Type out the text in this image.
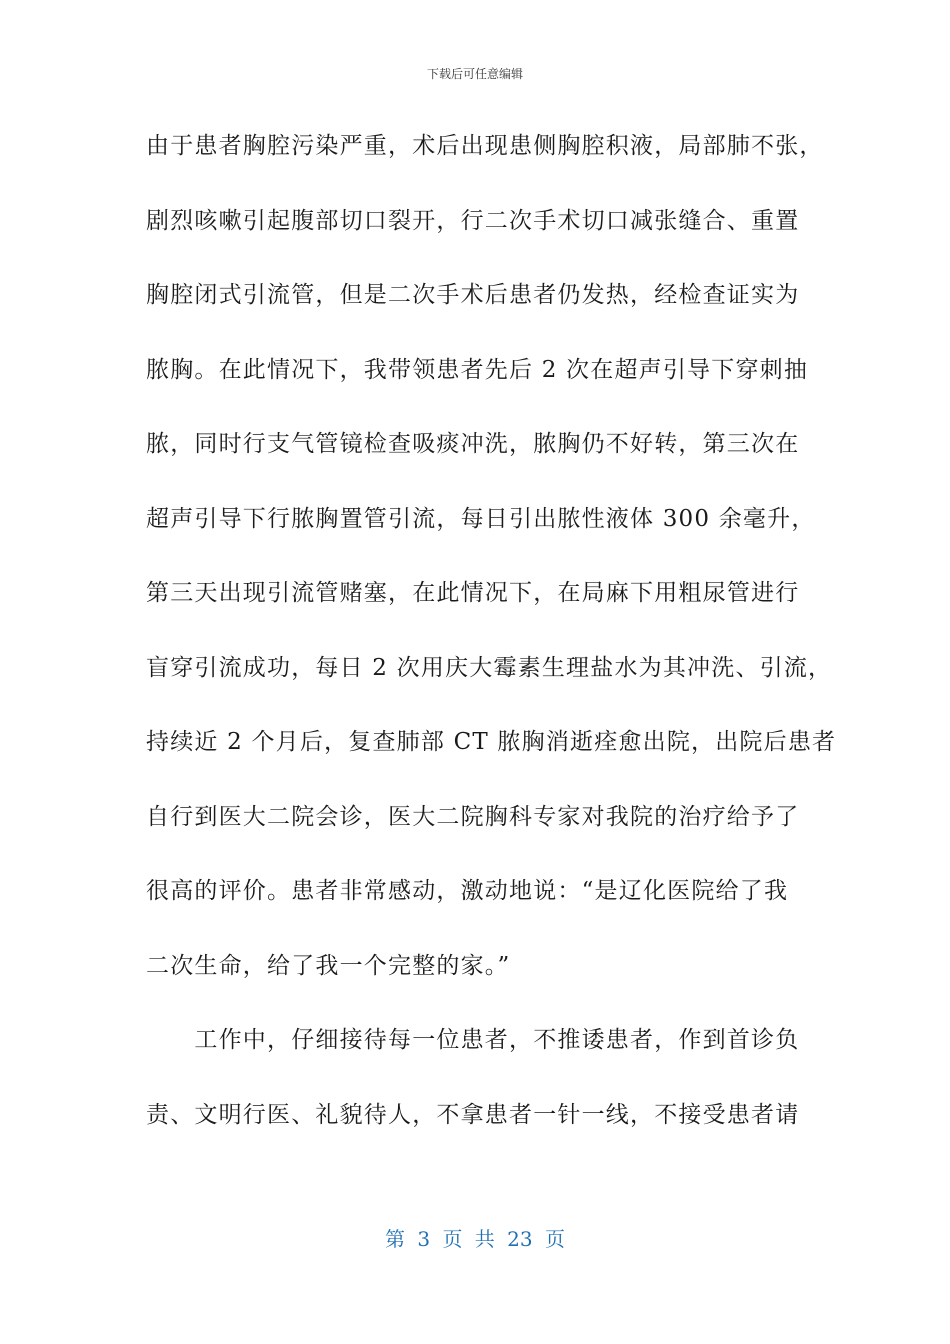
下载后可任意编辑
由于患者胸腔污染严重，术后出现患侧胸腔积液，局部肺不张，
剧烈咳嗽引起腹部切口裂开，行二次手术切口减张缝合、重置
胸腔闭式引流管，但是二次手术后患者仍发热，经检查证实为
脓胸。在此情况下，我带领患者先后 2 次在超声引导下穿刺抽
脓，同时行支气管镜检查吸痰冲洗，脓胸仍不好转，第三次在
超声引导下行脓胸置管引流，每日引出脓性液体 300 余毫升，
第三天出现引流管赌塞，在此情况下，在局麻下用粗尿管进行
盲穿引流成功，每日 2 次用庆大霉素生理盐水为其冲洗、引流，
持续近 2 个月后，复查肺部 CT 脓胸消逝痊愈出院，出院后患者
自行到医大二院会诊，医大二院胸科专家对我院的治疗给予了
很高的评价。患者非常感动，激动地说：“是辽化医院给了我
二次生命，给了我一个完整的家。”
　　工作中，仔细接待每一位患者，不推诿患者，作到首诊负
责、文明行医、礼貌待人，不拿患者一针一线，不接受患者请
第 3 页 共 23 页
